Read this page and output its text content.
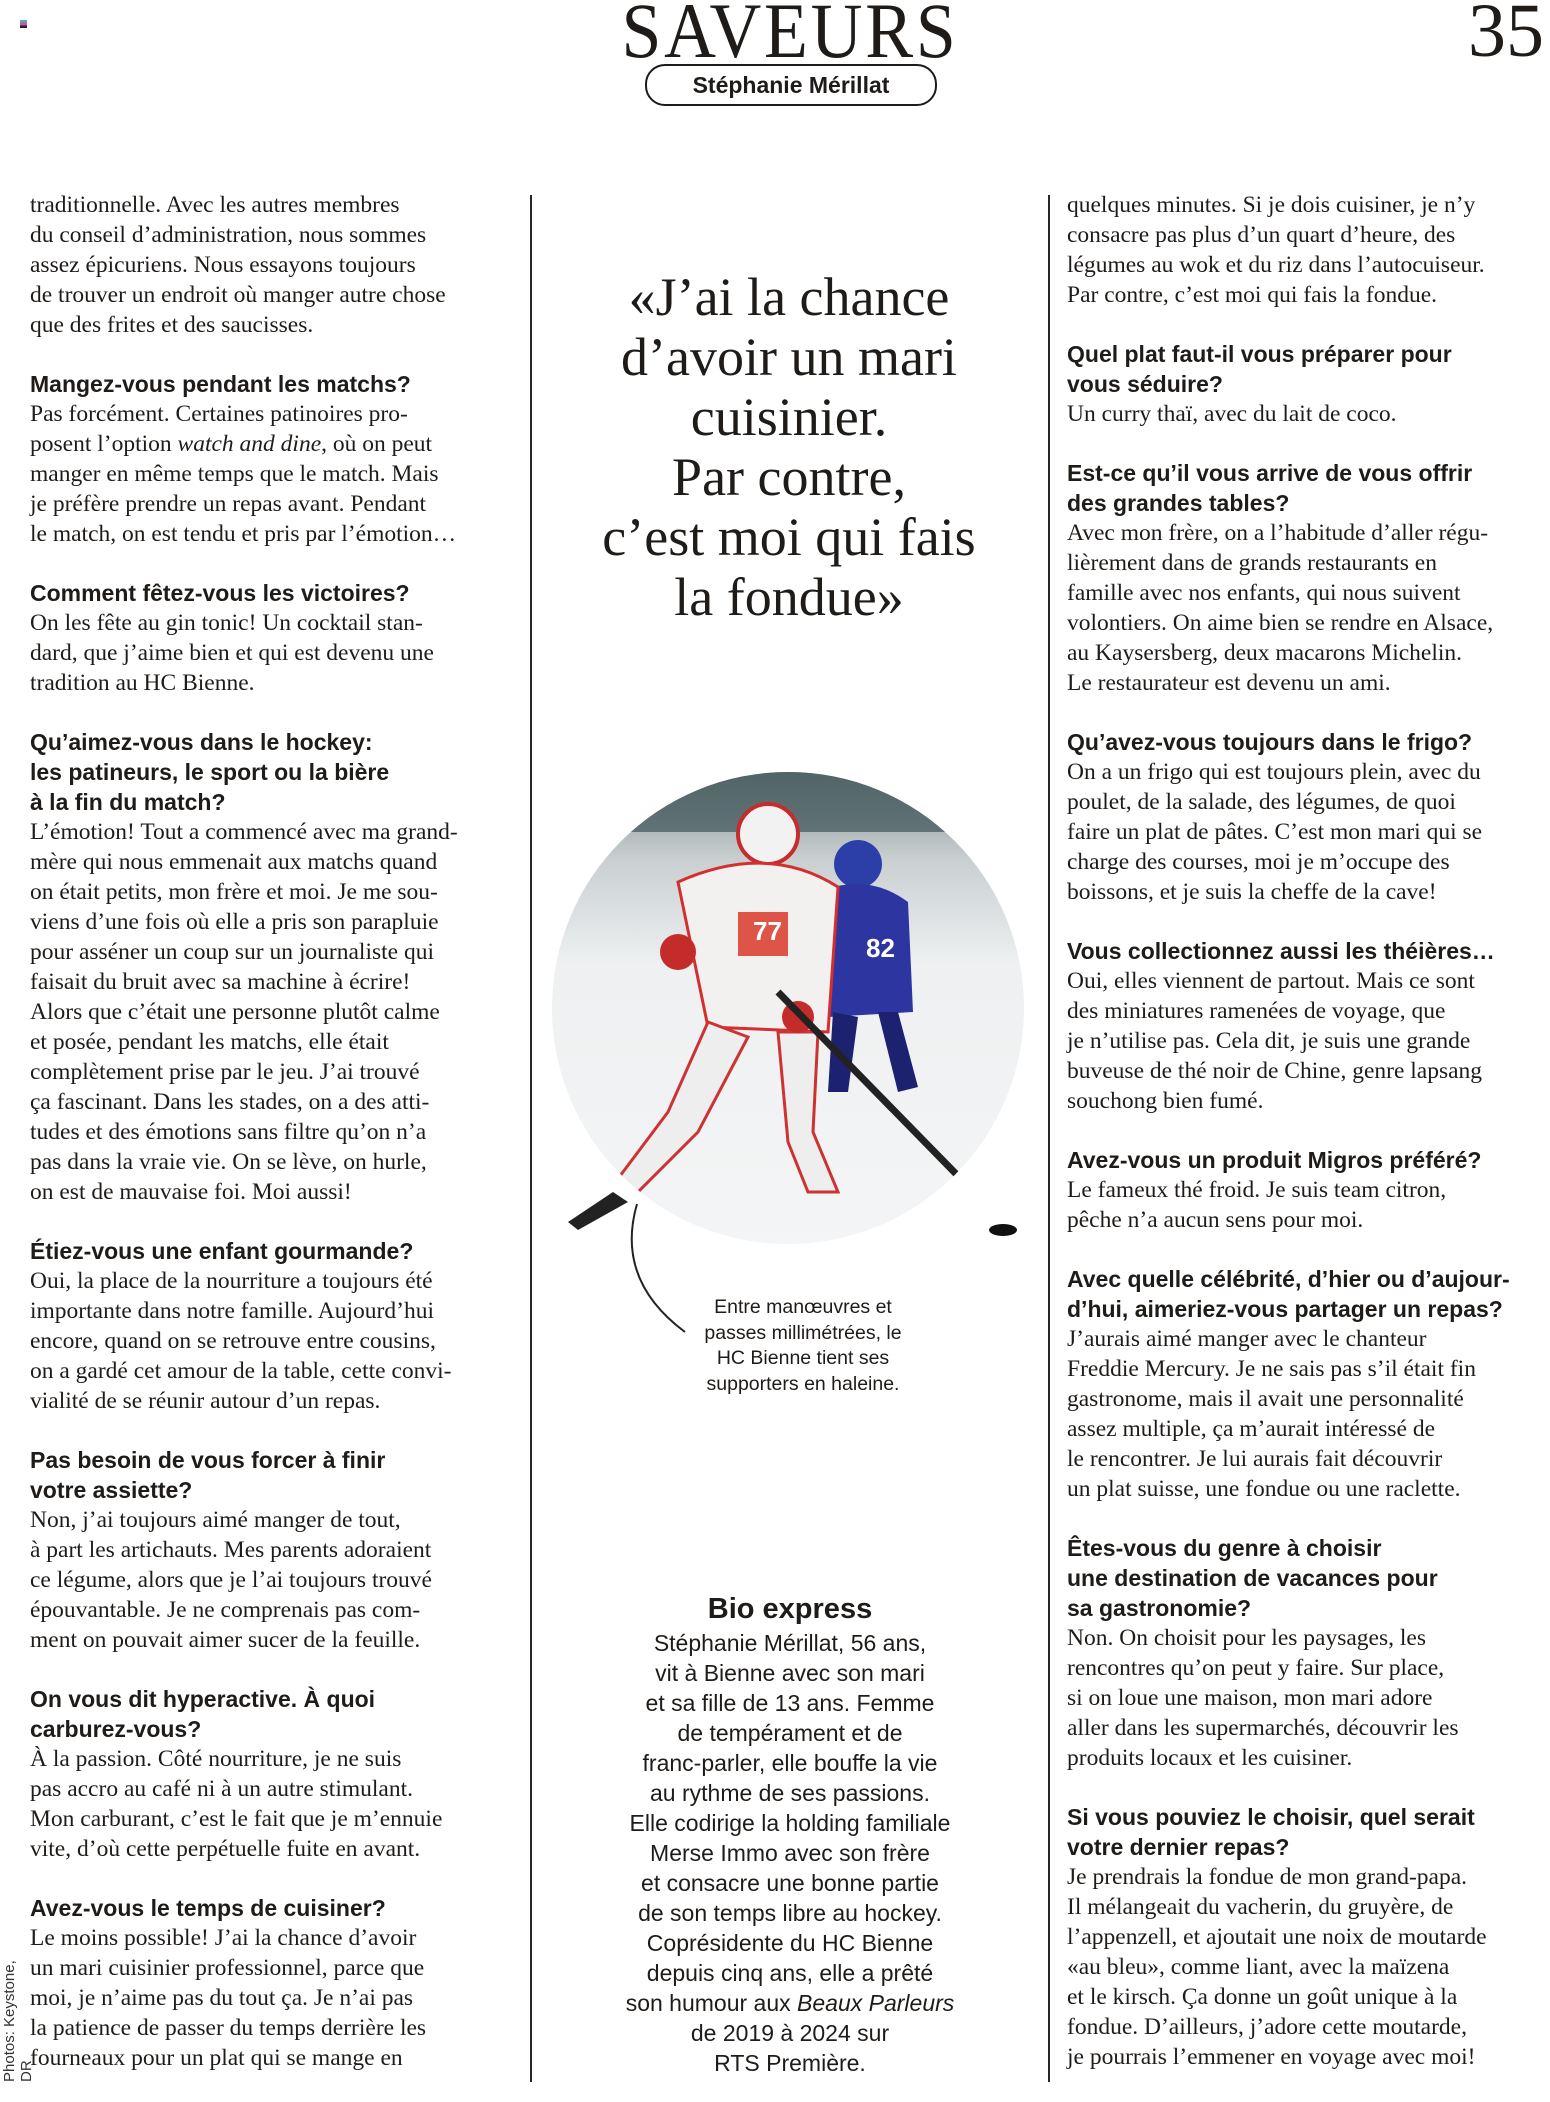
SAVEURS	35
Stéphanie Mérillat
traditionnelle. Avec les autres membres
du conseil d’administration, nous sommes
assez épicuriens. Nous essayons toujours
de trouver un endroit où manger autre chose
que des frites et des saucisses.
Mangez-vous pendant les matchs?
Pas forcément. Certaines patinoires pro-
posent l’option watch and dine, où on peut
manger en même temps que le match. Mais
je préfère prendre un repas avant. Pendant
le match, on est tendu et pris par l’émotion…
Comment fêtez-vous les victoires?
On les fête au gin tonic! Un cocktail stan-
dard, que j’aime bien et qui est devenu une
tradition au HC Bienne.
Qu’aimez-vous dans le hockey:
les patineurs, le sport ou la bière
à la fin du match?
L’émotion! Tout a commencé avec ma grand-
mère qui nous emmenait aux matchs quand
on était petits, mon frère et moi. Je me sou-
viens d’une fois où elle a pris son parapluie
pour asséner un coup sur un journaliste qui
faisait du bruit avec sa machine à écrire!
Alors que c’était une personne plutôt calme
et posée, pendant les matchs, elle était
complètement prise par le jeu. J’ai trouvé
ça fascinant. Dans les stades, on a des atti-
tudes et des émotions sans filtre qu’on n’a
pas dans la vraie vie. On se lève, on hurle,
on est de mauvaise foi. Moi aussi!
Étiez-vous une enfant gourmande?
Oui, la place de la nourriture a toujours été
importante dans notre famille. Aujourd’hui
encore, quand on se retrouve entre cousins,
on a gardé cet amour de la table, cette convi-
vialité de se réunir autour d’un repas.
Pas besoin de vous forcer à finir
votre assiette?
Non, j’ai toujours aimé manger de tout,
à part les artichauts. Mes parents adoraient
ce légume, alors que je l’ai toujours trouvé
épouvantable. Je ne comprenais pas com-
ment on pouvait aimer sucer de la feuille.
On vous dit hyperactive. À quoi
carburez-vous?
À la passion. Côté nourriture, je ne suis
pas accro au café ni à un autre stimulant.
Mon carburant, c’est le fait que je m’ennuie
vite, d’où cette perpétuelle fuite en avant.
Avez-vous le temps de cuisiner?
Le moins possible! J’ai la chance d’avoir
un mari cuisinier professionnel, parce que
moi, je n’aime pas du tout ça. Je n’ai pas
la patience de passer du temps derrière les
fourneaux pour un plat qui se mange en
quelques minutes. Si je dois cuisiner, je n’y
consacre pas plus d’un quart d’heure, des
légumes au wok et du riz dans l’autocuiseur.
Par contre, c’est moi qui fais la fondue.
Quel plat faut-il vous préparer pour
vous séduire?
Un curry thaï, avec du lait de coco.
Est-ce qu’il vous arrive de vous offrir
des grandes tables?
Avec mon frère, on a l’habitude d’aller régu-
lièrement dans de grands restaurants en
famille avec nos enfants, qui nous suivent
volontiers. On aime bien se rendre en Alsace,
au Kaysersberg, deux macarons Michelin.
Le restaurateur est devenu un ami.
Qu’avez-vous toujours dans le frigo?
On a un frigo qui est toujours plein, avec du
poulet, de la salade, des légumes, de quoi
faire un plat de pâtes. C’est mon mari qui se
charge des courses, moi je m’occupe des
boissons, et je suis la cheffe de la cave!
Vous collectionnez aussi les théières…
Oui, elles viennent de partout. Mais ce sont
des miniatures ramenées de voyage, que
je n’utilise pas. Cela dit, je suis une grande
buveuse de thé noir de Chine, genre lapsang
souchong bien fumé.
Avez-vous un produit Migros préféré?
Le fameux thé froid. Je suis team citron,
pêche n’a aucun sens pour moi.
Avec quelle célébrité, d’hier ou d’aujour-
d’hui, aimeriez-vous partager un repas?
J’aurais aimé manger avec le chanteur
Freddie Mercury. Je ne sais pas s’il était fin
gastronome, mais il avait une personnalité
assez multiple, ça m’aurait intéressé de
le rencontrer. Je lui aurais fait découvrir
un plat suisse, une fondue ou une raclette.
Êtes-vous du genre à choisir
une destination de vacances pour
sa gastronomie?
Non. On choisit pour les paysages, les
rencontres qu’on peut y faire. Sur place,
si on loue une maison, mon mari adore
aller dans les supermarchés, découvrir les
produits locaux et les cuisiner.
Si vous pouviez le choisir, quel serait
votre dernier repas?
Je prendrais la fondue de mon grand-papa.
Il mélangeait du vacherin, du gruyère, de
l’appenzell, et ajoutait une noix de moutarde
«au bleu», comme liant, avec la maïzena
et le kirsch. Ça donne un goût unique à la
fondue. D’ailleurs, j’adore cette moutarde,
je pourrais l’emmener en voyage avec moi!
«J’ai la chance
d’avoir un mari
cuisinier.
Par contre,
c’est moi qui fais
la fondue»
77
82
Entre manœuvres et
passes millimétrées, le
HC Bienne tient ses
supporters en haleine.
Bio express
Stéphanie Mérillat, 56 ans,
vit à Bienne avec son mari
et sa fille de 13 ans. Femme
de tempérament et de
franc-parler, elle bouffe la vie
au rythme de ses passions.
Elle codirige la holding familiale
Merse Immo avec son frère
et consacre une bonne partie
de son temps libre au hockey.
Coprésidente du HC Bienne
depuis cinq ans, elle a prêté
son humour aux Beaux Parleurs
de 2019 à 2024 sur
RTS Première.
Photos: Keystone, DR
